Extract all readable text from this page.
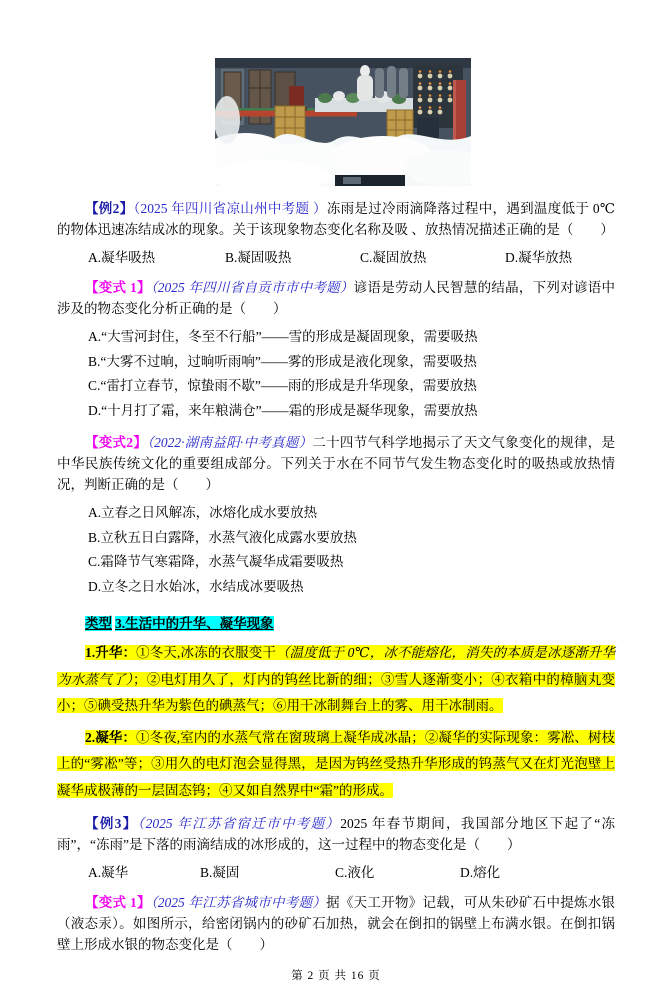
【例2】（2025 年四川省凉山州中考题 ）冻雨是过冷雨滴降落过程中，遇到温度低于 0℃的物体迅速冻结成冰的现象。关于该现象物态变化名称及吸 、放热情况描述正确的是（　　）

A.凝华吸热	B.凝固吸热	C.凝固放热	D.凝华放热

【变式 1】（2025 年四川省自贡市市中考题）谚语是劳动人民智慧的结晶，下列对谚语中涉及的物态变化分析正确的是（　　）

A.“大雪河封住，冬至不行船”——雪的形成是凝固现象，需要吸热

B.“大雾不过晌，过晌听雨响”——雾的形成是液化现象，需要吸热

C.“雷打立春节，惊蛰雨不歇”——雨的形成是升华现象，需要放热

D.“十月打了霜，来年粮满仓”——霜的形成是凝华现象，需要放热

【变式2】（2022·湖南益阳·中考真题）二十四节气科学地揭示了天文气象变化的规律，是中华民族传统文化的重要组成部分。下列关于水在不同节气发生物态变化时的吸热或放热情况，判断正确的是（　　）

A.立春之日风解冻，冰熔化成水要放热

B.立秋五日白露降，水蒸气液化成露水要放热

C.霜降节气寒霜降，水蒸气凝华成霜要吸热

D.立冬之日水始冰，水结成冰要吸热

类型 3.生活中的升华、凝华现象

1.升华：①冬天,冰冻的衣服变干（温度低于 0℃，冰不能熔化，消失的本质是冰逐渐升华为水蒸气了）；②电灯用久了，灯内的钨丝比新的细；③雪人逐渐变小；④衣箱中的樟脑丸变小；⑤碘受热升华为紫色的碘蒸气；⑥用干冰制舞台上的雾、用干冰制雨。

2.凝华：①冬夜,室内的水蒸气常在窗玻璃上凝华成冰晶；②凝华的实际现象：雾凇、树枝上的“雾凇”等；③用久的电灯泡会显得黑，是因为钨丝受热升华形成的钨蒸气又在灯光泡壁上凝华成极薄的一层固态钨；④又如自然界中“霜”的形成。

【例3】（2025 年江苏省宿迁市中考题）2025 年春节期间，我国部分地区下起了“冻雨”，“冻雨”是下落的雨滴结成的冰形成的，这一过程中的物态变化是（　　）

A.凝华	B.凝固	C.液化	D.熔化

【变式 1】（2025 年江苏省城市中考题）据《天工开物》记载，可从朱砂矿石中提炼水银（液态汞）。如图所示，给密闭锅内的砂矿石加热，就会在倒扣的锅壁上布满水银。在倒扣锅壁上形成水银的物态变化是（　　）

第 2 页 共 16 页
